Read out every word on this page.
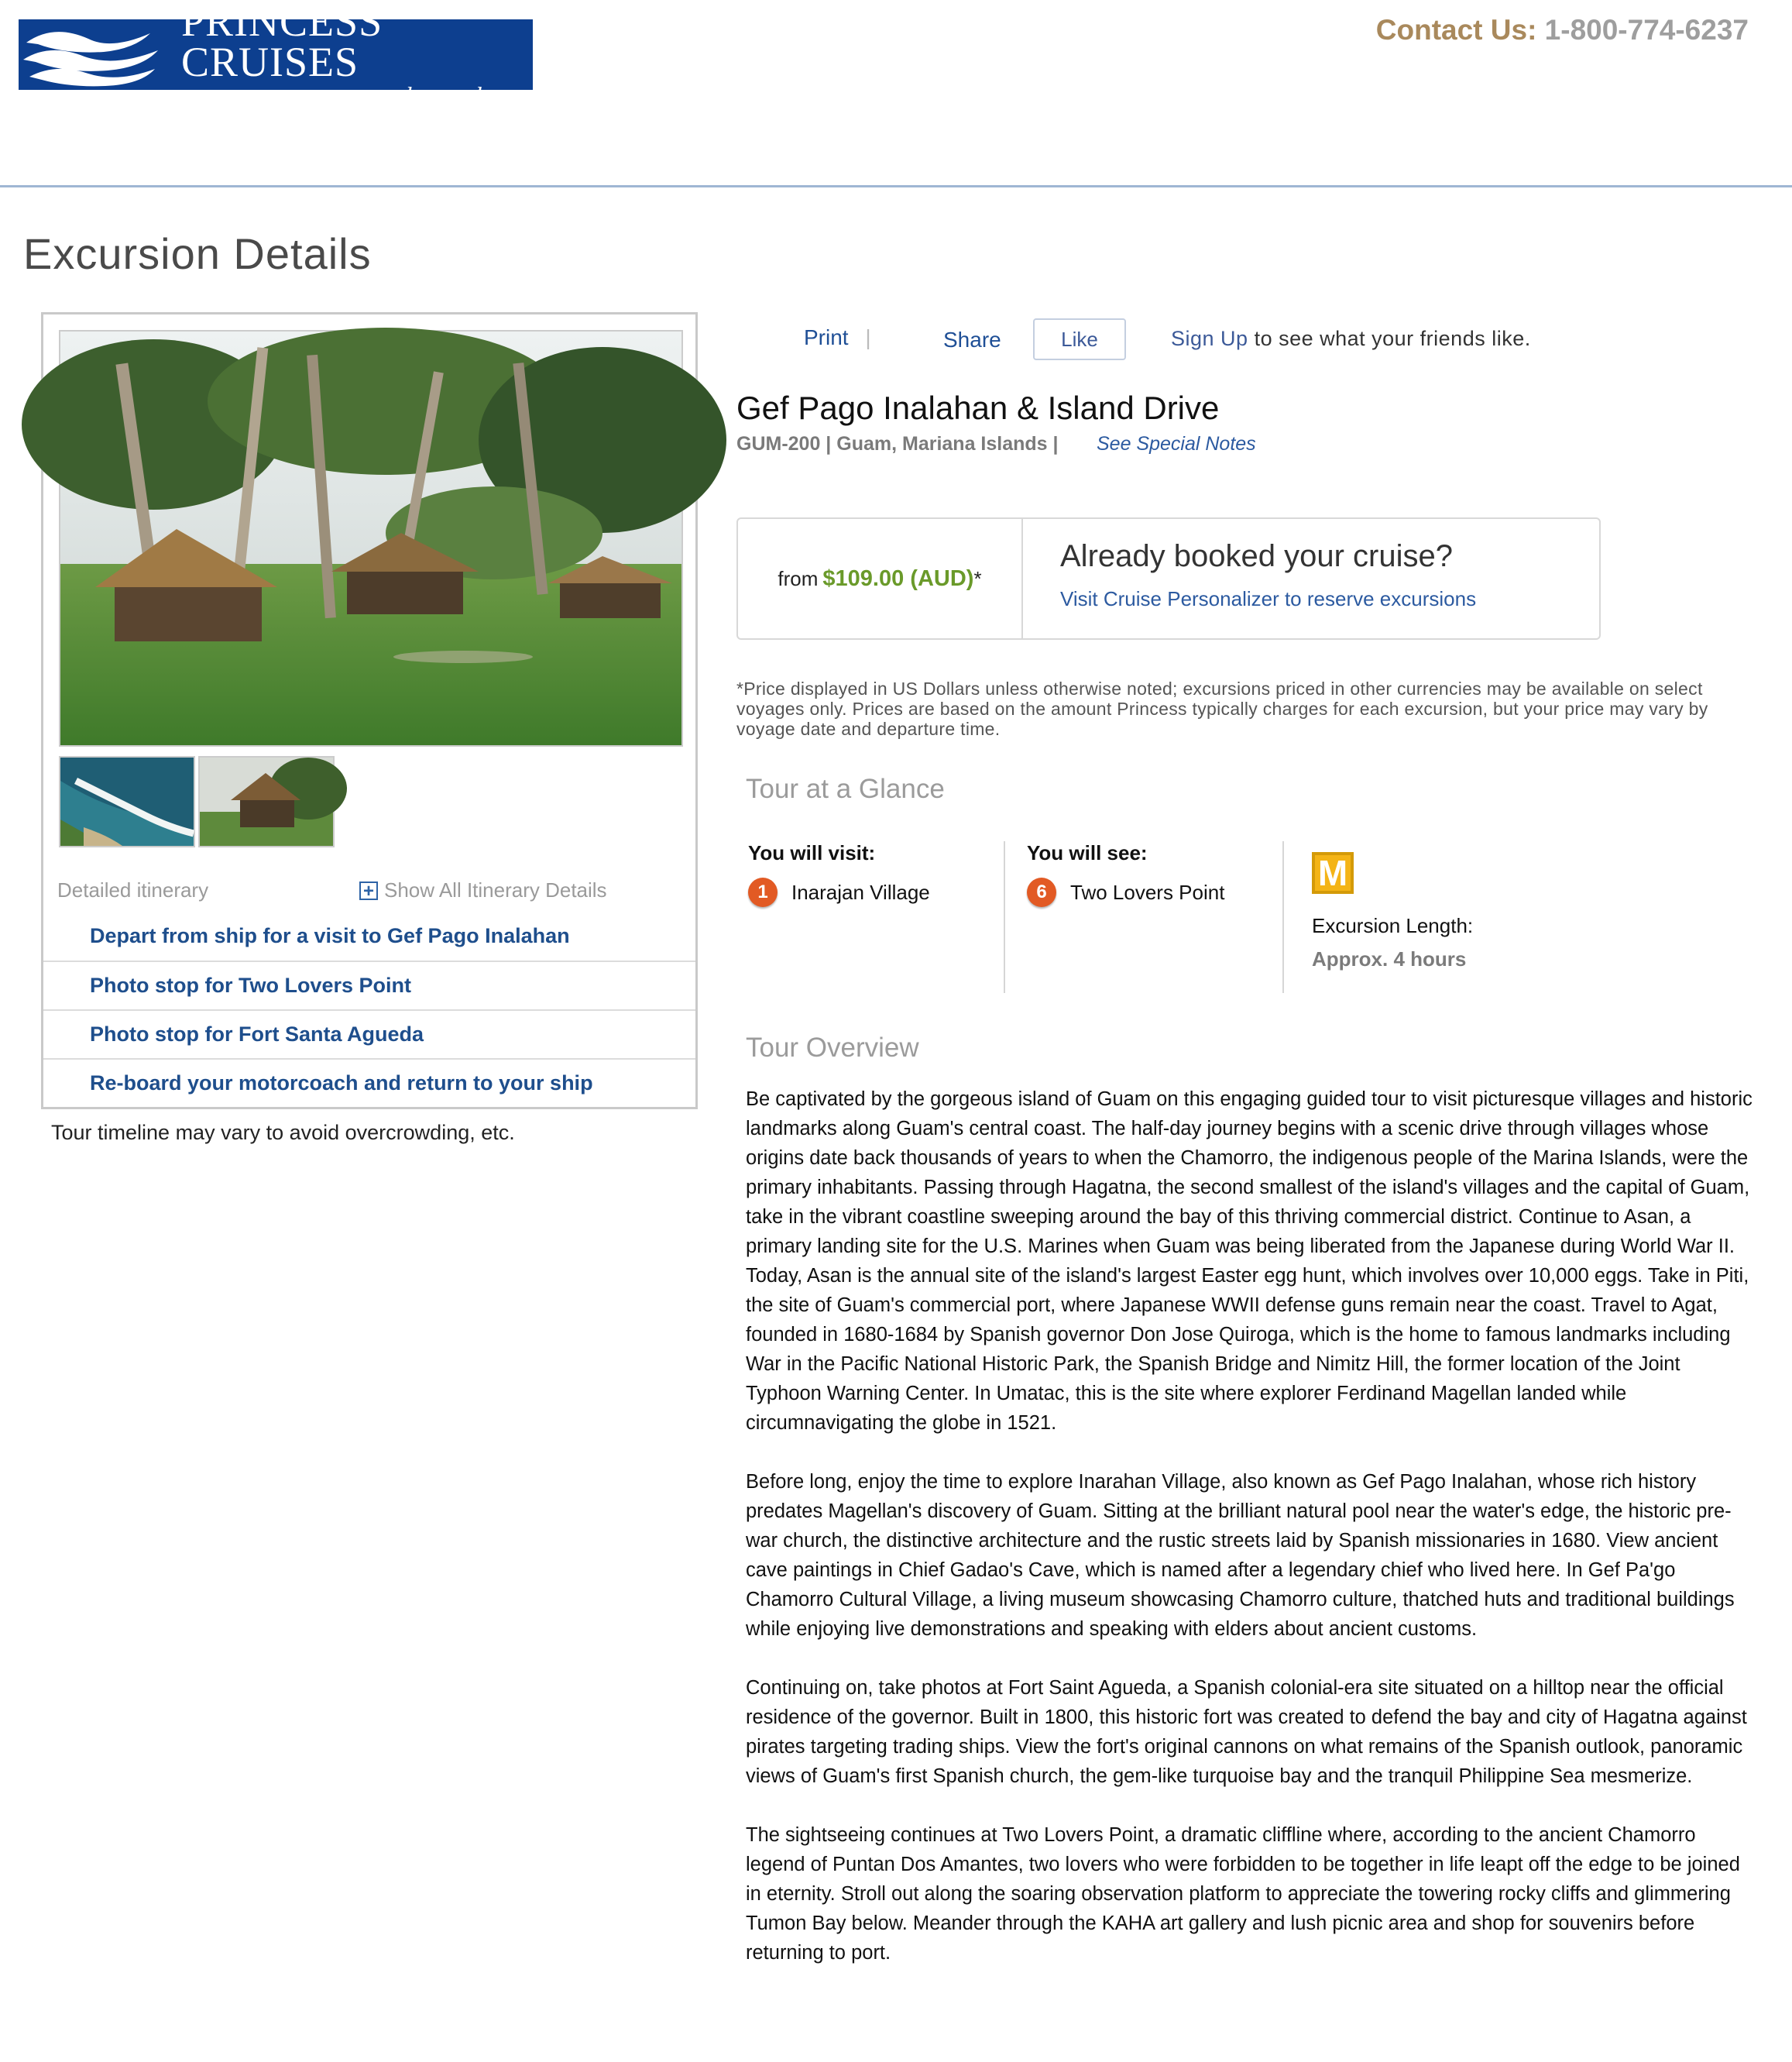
PRINCESS CRUISES
escape completely
Contact Us: 1-800-774-6237
Excursion Details
Detailed itinerary	+ Show All Itinerary Details
Depart from ship for a visit to Gef Pago Inalahan
Photo stop for Two Lovers Point
Photo stop for Fort Santa Agueda
Re-board your motorcoach and return to your ship
Tour timeline may vary to avoid overcrowding, etc.
Print |	Share	Like	Sign Up to see what your friends like.
Gef Pago Inalahan & Island Drive
GUM-200 | Guam, Mariana Islands | See Special Notes
from $109.00 (AUD) *
Already booked your cruise?
Visit Cruise Personalizer to reserve excursions
*Price displayed in US Dollars unless otherwise noted; excursions priced in other currencies may be available on select voyages only. Prices are based on the amount Princess typically charges for each excursion, but your price may vary by voyage date and departure time.
Tour at a Glance
You will visit:
1	Inarajan Village
You will see:
6	Two Lovers Point	M
Excursion Length:
Approx. 4 hours
Tour Overview

Be captivated by the gorgeous island of Guam on this engaging guided tour to visit picturesque villages and historic landmarks along Guam's central coast. The half-day journey begins with a scenic drive through villages whose origins date back thousands of years to when the Chamorro, the indigenous people of the Marina Islands, were the primary inhabitants. Passing through Hagatna, the second smallest of the island's villages and the capital of Guam, take in the vibrant coastline sweeping around the bay of this thriving commercial district. Continue to Asan, a primary landing site for the U.S. Marines when Guam was being liberated from the Japanese during World War II. Today, Asan is the annual site of the island's largest Easter egg hunt, which involves over 10,000 eggs. Take in Piti, the site of Guam's commercial port, where Japanese WWII defense guns remain near the coast. Travel to Agat, founded in 1680-1684 by Spanish governor Don Jose Quiroga, which is the home to famous landmarks including War in the Pacific National Historic Park, the Spanish Bridge and Nimitz Hill, the former location of the Joint Typhoon Warning Center. In Umatac, this is the site where explorer Ferdinand Magellan landed while circumnavigating the globe in 1521.

Before long, enjoy the time to explore Inarahan Village, also known as Gef Pago Inalahan, whose rich history predates Magellan's discovery of Guam. Sitting at the brilliant natural pool near the water's edge, the historic pre-war church, the distinctive architecture and the rustic streets laid by Spanish missionaries in 1680. View ancient cave paintings in Chief Gadao's Cave, which is named after a legendary chief who lived here. In Gef Pa'go Chamorro Cultural Village, a living museum showcasing Chamorro culture, thatched huts and traditional buildings while enjoying live demonstrations and speaking with elders about ancient customs.

Continuing on, take photos at Fort Saint Agueda, a Spanish colonial-era site situated on a hilltop near the official residence of the governor. Built in 1800, this historic fort was created to defend the bay and city of Hagatna against pirates targeting trading ships. View the fort's original cannons on what remains of the Spanish outlook, panoramic views of Guam's first Spanish church, the gem-like turquoise bay and the tranquil Philippine Sea mesmerize.

The sightseeing continues at Two Lovers Point, a dramatic cliffline where, according to the ancient Chamorro legend of Puntan Dos Amantes, two lovers who were forbidden to be together in life leapt off the edge to be joined in eternity. Stroll out along the soaring observation platform to appreciate the towering rocky cliffs and glimmering Tumon Bay below. Meander through the KAHA art gallery and lush picnic area and shop for souvenirs before returning to port.
